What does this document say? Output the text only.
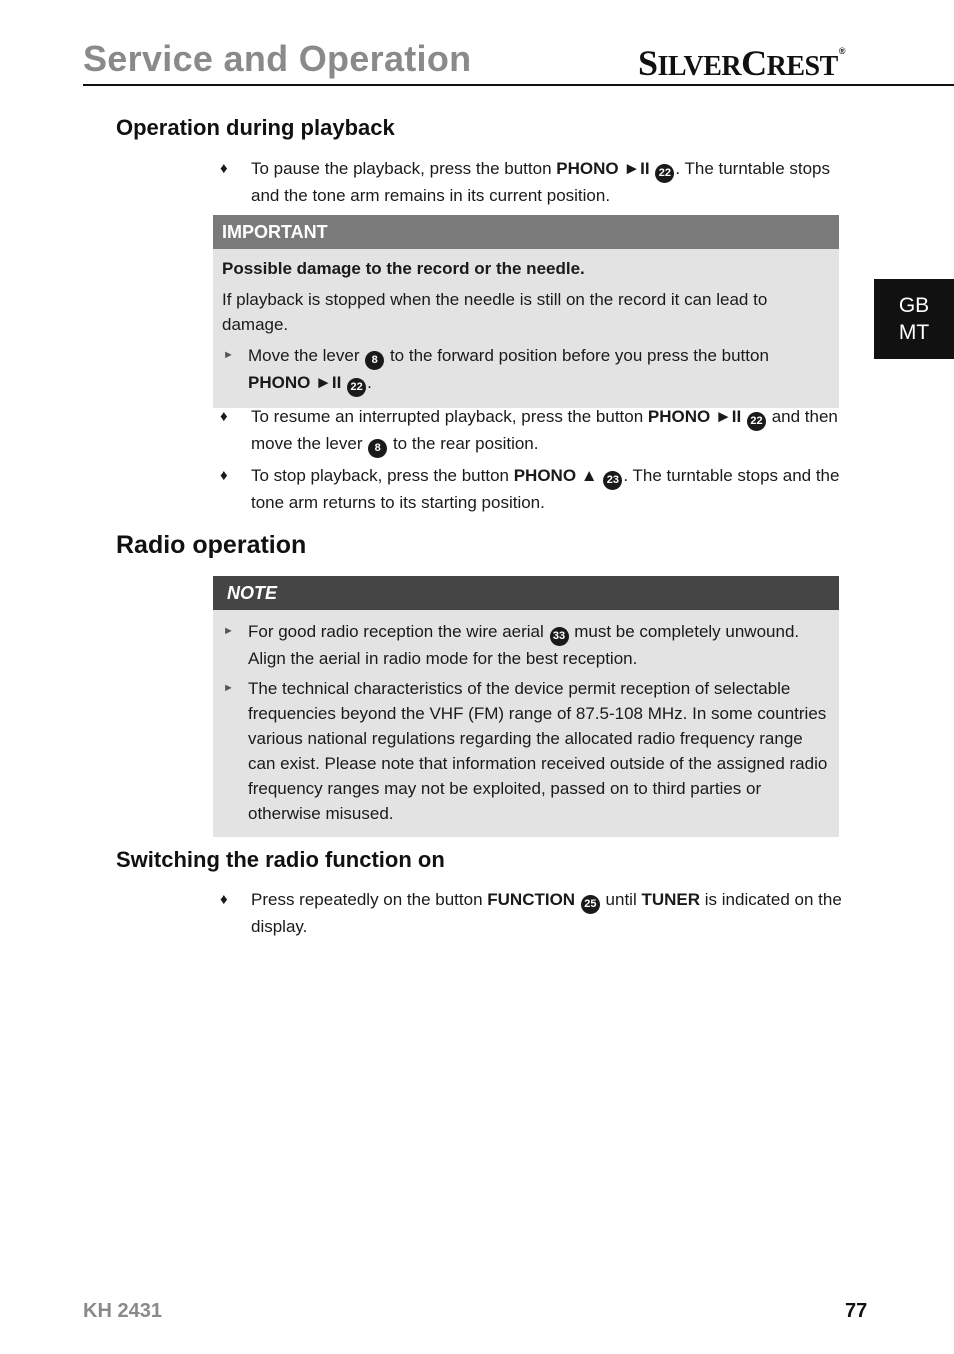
Service and Operation	SILVERCREST®
GB
MT
Operation during playback
♦ To pause the playback, press the button PHONO ►II 22 . The turntable stops and the tone arm remains in its current position.
IMPORTANT

Possible damage to the record or the needle.

If playback is stopped when the needle is still on the record it can lead to damage.

► Move the lever 8 to the forward position before you press the button PHONO ►II 22 .
♦ To resume an interrupted playback, press the button PHONO ►II 22 and then move the lever 8 to the rear position.
♦ To stop playback, press the button PHONO ▲ 23 . The turntable stops and the tone arm returns to its starting position.
Radio operation
NOTE
► For good radio reception the wire aerial 33 must be completely unwound. Align the aerial in radio mode for the best reception.
► The technical characteristics of the device permit reception of selectable frequencies beyond the VHF (FM) range of 87.5-108 MHz. In some countries various national regulations regarding the allocated radio frequency range can exist. Please note that information received outside of the assigned radio frequency ranges may not be exploited, passed on to third parties or otherwise misused.
Switching the radio function on
♦ Press repeatedly on the button FUNCTION 25 until TUNER is indicated on the display.
KH 2431	77
